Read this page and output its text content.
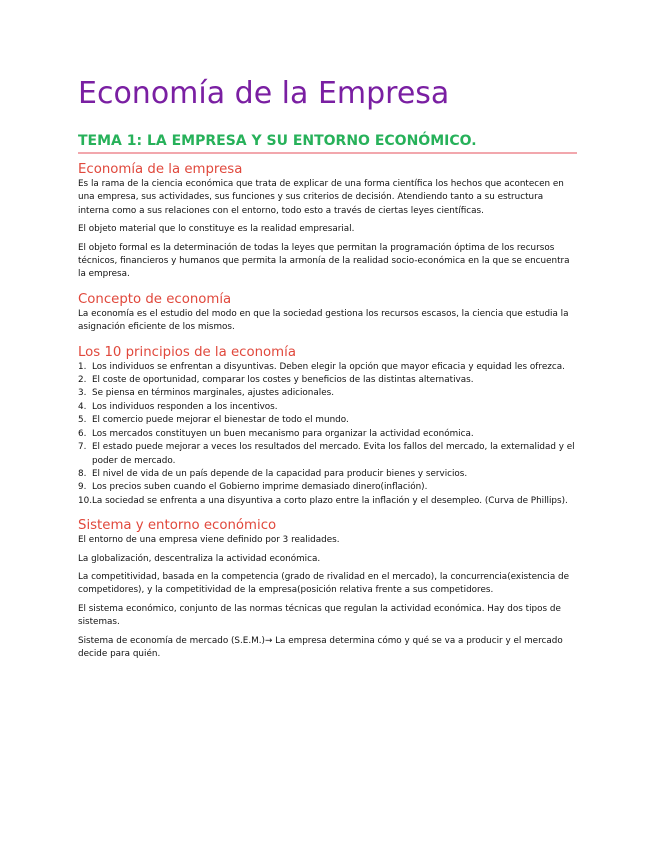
Economía de la Empresa
TEMA 1: LA EMPRESA Y SU ENTORNO ECONÓMICO.
Economía de la empresa

Es la rama de la ciencia económica que trata de explicar de una forma científica los hechos que acontecen en una empresa, sus actividades, sus funciones y sus criterios de decisión. Atendiendo tanto a su estructura interna como a sus relaciones con el entorno, todo esto a través de ciertas leyes científicas.

El objeto material que lo constituye es la realidad empresarial.

El objeto formal es la determinación de todas la leyes que permitan la programación óptima de los recursos técnicos, financieros y humanos que permita la armonía de la realidad socio-económica en la que se encuentra la empresa.

Concepto de economía

La economía es el estudio del modo en que la sociedad gestiona los recursos escasos, la ciencia que estudia la asignación eficiente de los mismos.

Los 10 principios de la economía
1. Los individuos se enfrentan a disyuntivas. Deben elegir la opción que mayor eficacia y equidad les ofrezca.
2. El coste de oportunidad, comparar los costes y beneficios de las distintas alternativas.
3. Se piensa en términos marginales, ajustes adicionales.
4. Los individuos responden a los incentivos.
5. El comercio puede mejorar el bienestar de todo el mundo.
6. Los mercados constituyen un buen mecanismo para organizar la actividad económica.
7. El estado puede mejorar a veces los resultados del mercado. Evita los fallos del mercado, la externalidad y el poder de mercado.
8. El nivel de vida de un país depende de la capacidad para producir bienes y servicios.
9. Los precios suben cuando el Gobierno imprime demasiado dinero(inflación).
10. La sociedad se enfrenta a una disyuntiva a corto plazo entre la inflación y el desempleo. (Curva de Phillips).
Sistema y entorno económico

El entorno de una empresa viene definido por 3 realidades.

La globalización, descentraliza la actividad económica.

La competitividad, basada en la competencia (grado de rivalidad en el mercado), la concurrencia(existencia de competidores), y la competitividad de la empresa(posición relativa frente a sus competidores.

El sistema económico, conjunto de las normas técnicas que regulan la actividad económica. Hay dos tipos de sistemas.

Sistema de economía de mercado (S.E.M.)→ La empresa determina cómo y qué se va a producir y el mercado decide para quién.
